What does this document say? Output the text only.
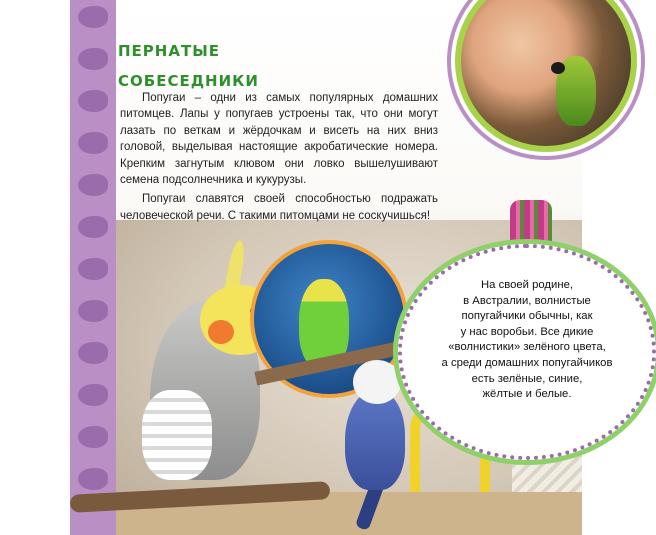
пернатые
собеседники

Попугаи – одни из самых популярных домашних питомцев. Лапы у попугаев устроены так, что они могут лазать по веткам и жёрдочкам и висеть на них вниз головой, выделывая настоящие акробатические номера. Крепким загнутым клювом они ловко вышелушивают семена подсолнечника и кукурузы.

Попугаи славятся своей способностью подражать человеческой речи. С такими питомцами не соскучишься!

На своей родине,
в Австралии, волнистые
попугайчики обычны, как
у нас воробьи. Все дикие
«волнистики» зелёного цвета,
а среди домашних попугайчиков
есть зелёные, синие,
жёлтые и белые.
